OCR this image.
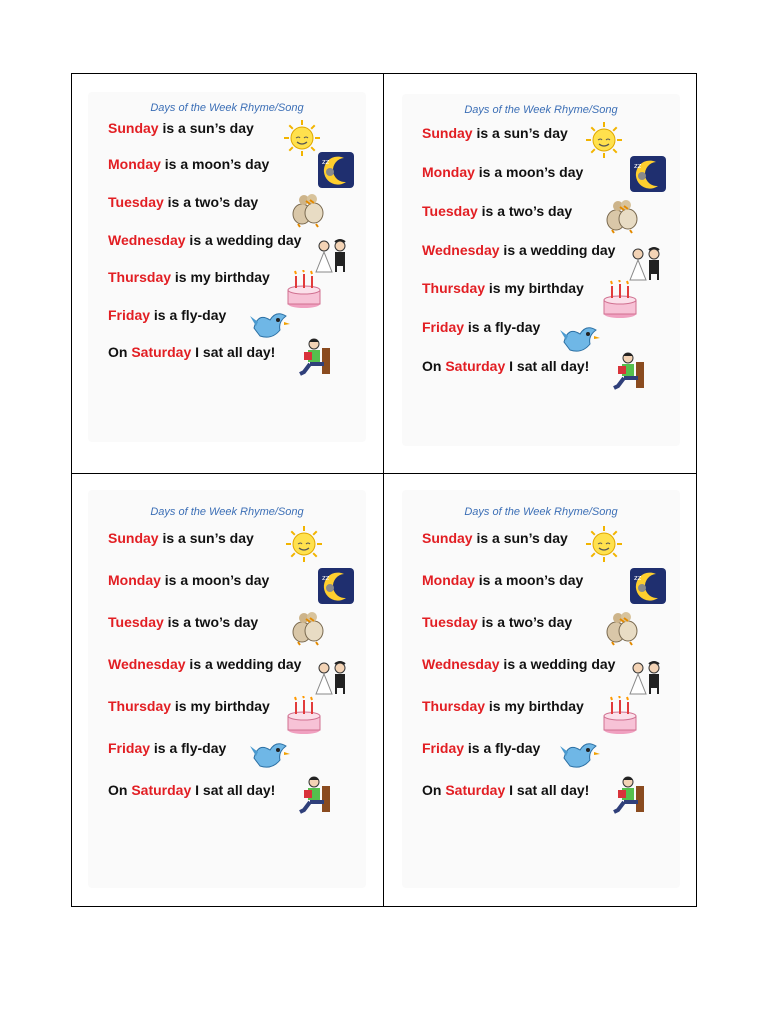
Days of the Week Rhyme/Song
Sunday is a sun’s day
Monday is a moon’s day	zz
Tuesday is a two’s day
Wednesday is a wedding day
Thursday is my birthday
Friday is a fly-day
On Saturday I sat all day!
Days of the Week Rhyme/Song
Sunday is a sun’s day
Monday is a moon’s day	zz
Tuesday is a two’s day
Wednesday is a wedding day
Thursday is my birthday
Friday is a fly-day
On Saturday I sat all day!
Days of the Week Rhyme/Song
Sunday is a sun’s day
Monday is a moon’s day	zz
Tuesday is a two’s day
Wednesday is a wedding day
Thursday is my birthday
Friday is a fly-day
On Saturday I sat all day!
Days of the Week Rhyme/Song
Sunday is a sun’s day
Monday is a moon’s day	zz
Tuesday is a two’s day
Wednesday is a wedding day
Thursday is my birthday
Friday is a fly-day
On Saturday I sat all day!
